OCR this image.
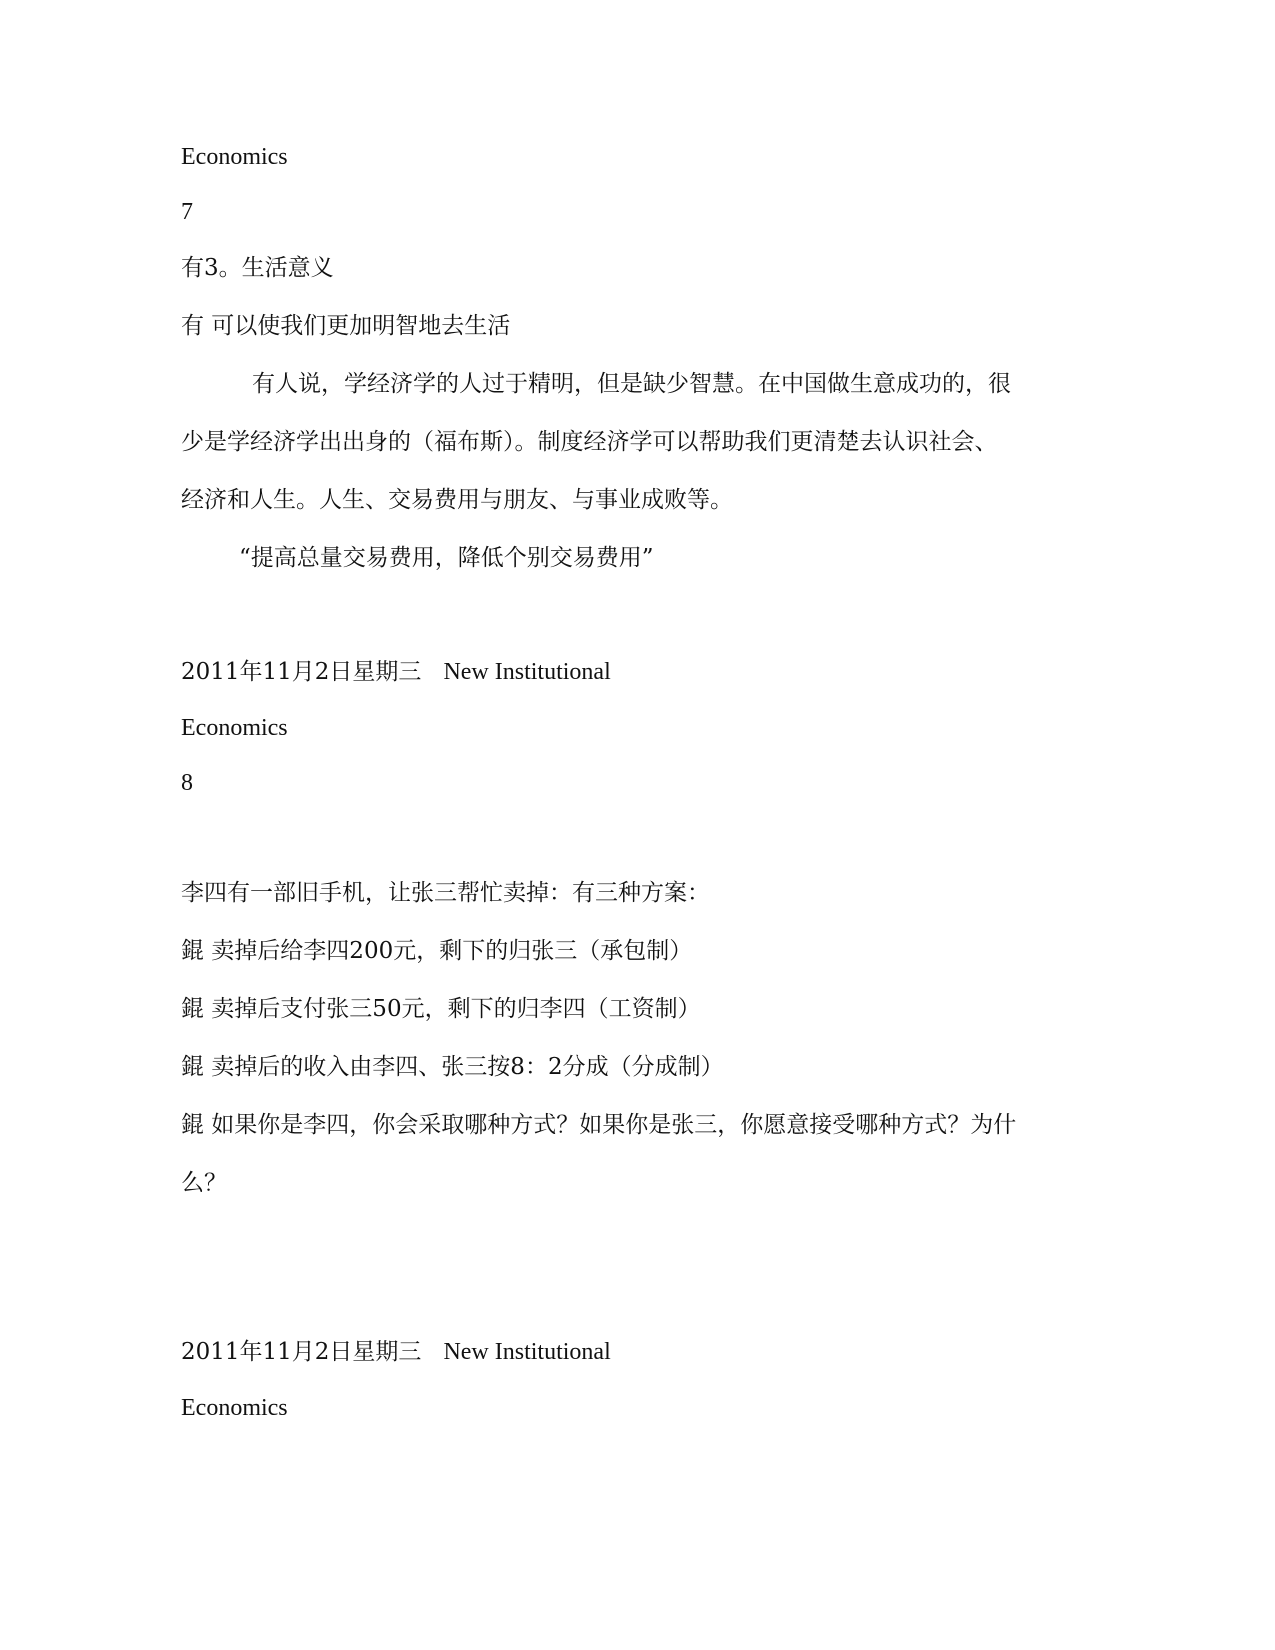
Economics
7
有3。生活意义
有 可以使我们更加明智地去生活
有人说，学经济学的人过于精明，但是缺少智慧。在中国做生意成功的，很
少是学经济学出出身的（福布斯）。制度经济学可以帮助我们更清楚去认识社会、
经济和人生。人生、交易费用与朋友、与事业成败等。
“提高总量交易费用，降低个别交易费用”
2011年11月2日星期三 New Institutional
Economics
8
李四有一部旧手机，让张三帮忙卖掉：有三种方案：
錕 卖掉后给李四200元，剩下的归张三（承包制）
錕 卖掉后支付张三50元，剩下的归李四（工资制）
錕 卖掉后的收入由李四、张三按8：2分成（分成制）
錕 如果你是李四，你会采取哪种方式？如果你是张三，你愿意接受哪种方式？为什
么？
2011年11月2日星期三 New Institutional
Economics
